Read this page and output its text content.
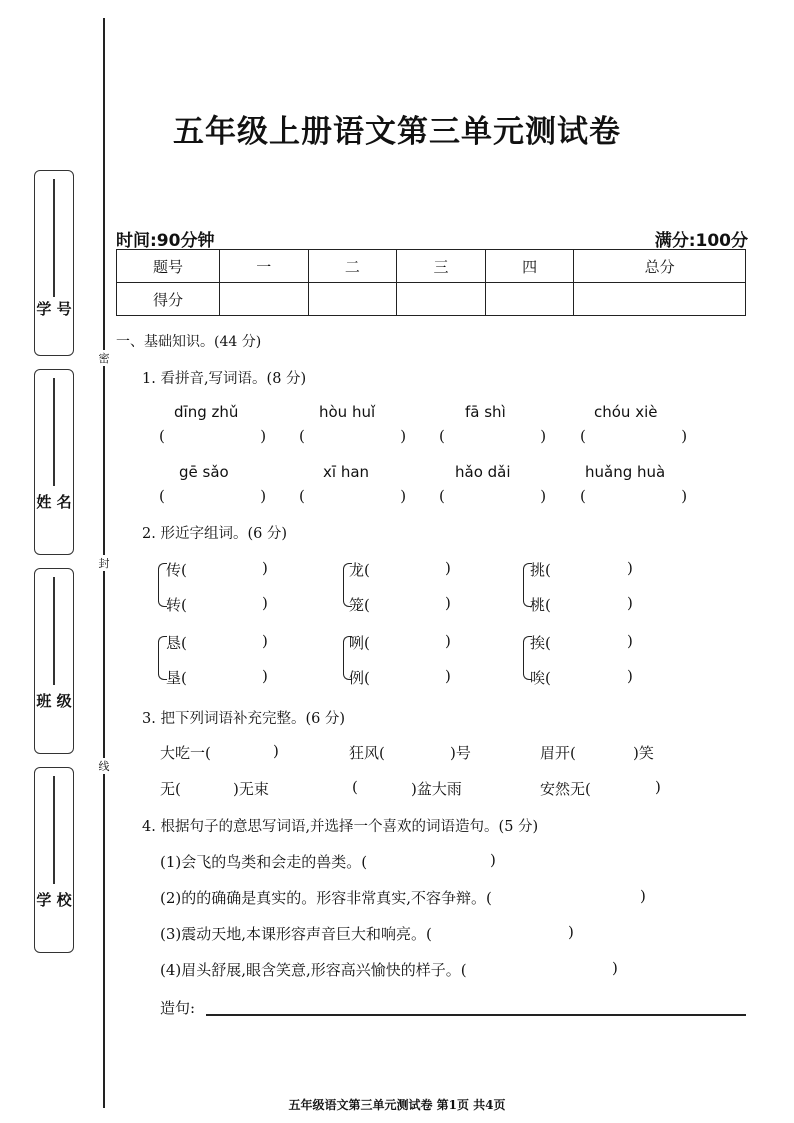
学 号
姓 名
班 级
学 校
密
封
线
五年级上册语文第三单元测试卷
时间:90分钟	满分:100分
题号	一	二	三	四	总分
得分					
一、基础知识。(44 分)
1. 看拼音,写词语。(8 分)
dīng zhǔ	hòu huǐ	fā shì	chóu xiè
(                    ) (                    ) (                    ) (                    )
gē sǎo	xī han	hǎo dǎi	huǎng huà
(                    ) (                    ) (                    ) (                    )
2. 形近字组词。(6 分)
传(	)	龙(	)	挑(	)
转(	)	笼(	)	桃(	)
恳(	)	咧(	)	挨(	)
垦(	)	例(	)	唉(	)
3. 把下列词语补充完整。(6 分)
大吃一(	)	狂风(	)号	眉开(	)笑
无(	)无束	(	)盆大雨	安然无(	)
4. 根据句子的意思写词语,并选择一个喜欢的词语造句。(5 分)
(1)会飞的鸟类和会走的兽类。(	)
(2)的的确确是真实的。形容非常真实,不容争辩。(	)
(3)震动天地,本课形容声音巨大和响亮。(	)
(4)眉头舒展,眼含笑意,形容高兴愉快的样子。(	)
造句:
五年级语文第三单元测试卷 第1页 共4页
